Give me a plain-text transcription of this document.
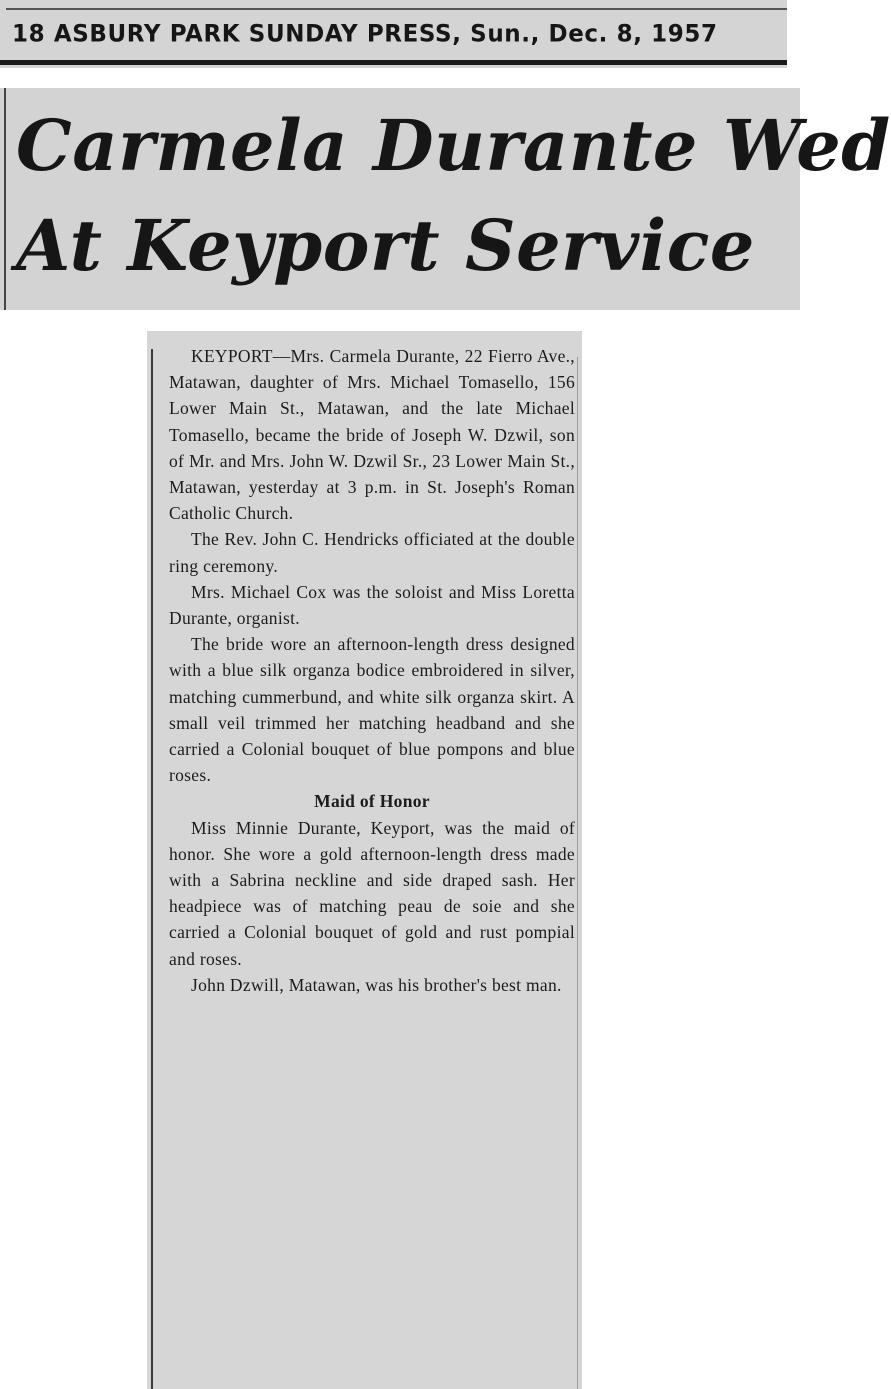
18 ASBURY PARK SUNDAY PRESS, Sun., Dec. 8, 1957
Carmela Durante Wed
At Keyport Service

KEYPORT—Mrs. Carmela Durante, 22 Fierro Ave., Matawan, daughter of Mrs. Michael Tomasello, 156 Lower Main St., Matawan, and the late Michael Tomasello, became the bride of Joseph W. Dzwil, son of Mr. and Mrs. John W. Dzwil Sr., 23 Lower Main St., Matawan, yesterday at 3 p.m. in St. Joseph's Roman Catholic Church.

The Rev. John C. Hendricks officiated at the double ring ceremony.

Mrs. Michael Cox was the soloist and Miss Loretta Durante, organist.

The bride wore an afternoon-length dress designed with a blue silk organza bodice embroidered in silver, matching cummerbund, and white silk organza skirt. A small veil trimmed her matching headband and she carried a Colonial bouquet of blue pompons and blue roses.

Maid of Honor

Miss Minnie Durante, Keyport, was the maid of honor. She wore a gold afternoon-length dress made with a Sabrina neckline and side draped sash. Her headpiece was of matching peau de soie and she carried a Colonial bouquet of gold and rust pompial and roses.

John Dzwill, Matawan, was his brother's best man.
